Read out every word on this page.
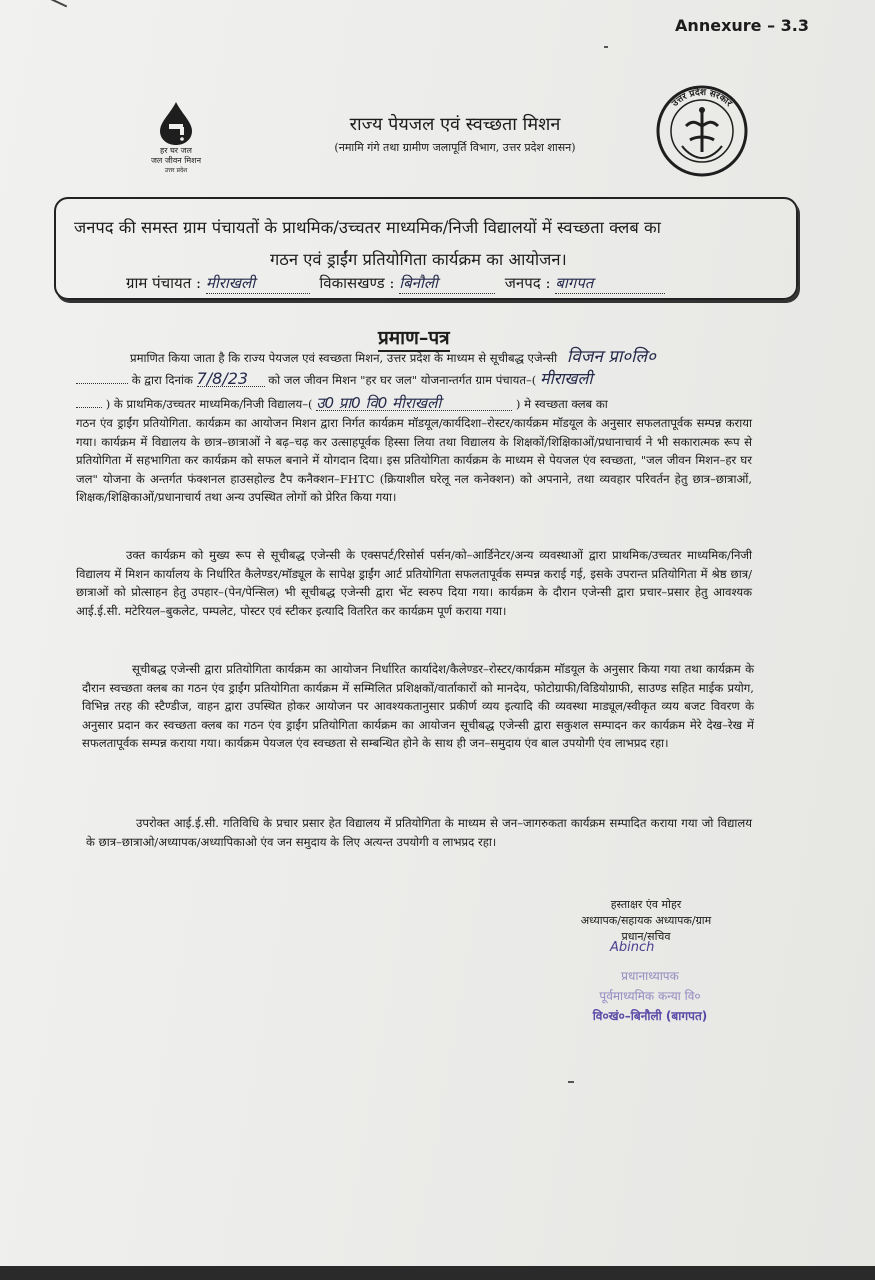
Annexure – 3.3
हर घर जल
जल जीवन मिशन
उत्तर प्रदेश
राज्य पेयजल एवं स्वच्छता मिशन
(नमामि गंगे तथा ग्रामीण जलापूर्ति विभाग, उत्तर प्रदेश शासन)
उत्तर प्रदेश सरकार
जनपद की समस्त ग्राम पंचायतों के प्राथमिक/उच्चतर माध्यमिक/निजी विद्यालयों में स्वच्छता क्लब का
गठन एवं ड्राईंग प्रतियोगिता कार्यक्रम का आयोजन।
ग्राम पंचायत : मीराखली	विकासखण्ड : बिनौली	जनपद : बागपत
प्रमाण–पत्र
प्रमाणित किया जाता है कि राज्य पेयजल एवं स्वच्छता मिशन, उत्तर प्रदेश के माध्यम से सूचीबद्ध एजेन्सी विजन प्रा०लि०
के द्वारा दिनांक 7/8/23 को जल जीवन मिशन "हर घर जल" योजनान्तर्गत ग्राम पंचायत–( मीराखली
) के प्राथमिक/उच्चतर माध्यमिक/निजी विद्यालय–( उ0 प्रा0 वि0 मीराखली	) मे स्वच्छता क्लब का
गठन एंव ड्राईंग प्रतियोगिता. कार्यक्रम का आयोजन मिशन द्वारा निर्गत कार्यक्रम मॉडयूल/कार्यदिशा–रोस्टर/कार्यक्रम मॉडयूल के अनुसार सफलतापूर्वक सम्पन्न कराया गया। कार्यक्रम में विद्यालय के छात्र–छात्राओं ने बढ़–चढ़ कर उत्साहपूर्वक हिस्सा लिया तथा विद्यालय के शिक्षकों/शिक्षिकाओं/प्रधानाचार्य ने भी सकारात्मक रूप से प्रतियोगिता में सहभागिता कर कार्यक्रम को सफल बनाने में योगदान दिया। इस प्रतियोगिता कार्यक्रम के माध्यम से पेयजल एंव स्वच्छता, "जल जीवन मिशन–हर घर जल" योजना के अन्तर्गत फंक्शनल हाउसहोल्ड टैप कनैक्शन–FHTC (क्रियाशील घरेलू नल कनेक्शन) को अपनाने, तथा व्यवहार परिवर्तन हेतु छात्र–छात्राओं, शिक्षक/शिक्षिकाओं/प्रधानाचार्य तथा अन्य उपस्थित लोगों को प्रेरित किया गया।
उक्त कार्यक्रम को मुख्य रूप से सूचीबद्ध एजेन्सी के एक्सपर्ट/रिसोर्स पर्सन/को–आर्डिनेटर/अन्य व्यवस्थाओं द्वारा प्राथमिक/उच्चतर माध्यमिक/निजी विद्यालय में मिशन कार्यालय के निर्धारित कैलेण्डर/मॉड्यूल के सापेक्ष ड्राईंग आर्ट प्रतियोगिता सफलतापूर्वक सम्पन्न कराई गई, इसके उपरान्त प्रतियोगिता में श्रेष्ठ छात्र/छात्राओं को प्रोत्साहन हेतु उपहार–(पेन/पेन्सिल) भी सूचीबद्ध एजेन्सी द्वारा भेंट स्वरुप दिया गया। कार्यक्रम के दौरान एजेन्सी द्वारा प्रचार–प्रसार हेतु आवश्यक आई.ई.सी. मटेरियल–बुकलेट, पम्पलेट, पोस्टर एवं स्टीकर इत्यादि वितरित कर कार्यक्रम पूर्ण कराया गया।
सूचीबद्ध एजेन्सी द्वारा प्रतियोगिता कार्यक्रम का आयोजन निर्धारित कार्यादेश/कैलेण्डर–रोस्टर/कार्यक्रम मॉडयूल के अनुसार किया गया तथा कार्यक्रम के दौरान स्वच्छता क्लब का गठन एंव ड्राईंग प्रतियोगिता कार्यक्रम में सम्मिलित प्रशिक्षकों/वार्ताकारों को मानदेय, फोटोग्राफी/विडियोग्राफी, साउण्ड सहित माईक प्रयोग, विभिन्न तरह की स्टैण्डीज, वाहन द्वारा उपस्थित होकर आयोजन पर आवश्यकतानुसार प्रकीर्ण व्यय इत्यादि की व्यवस्था माड्यूल/स्वीकृत व्यय बजट विवरण के अनुसार प्रदान कर स्वच्छता क्लब का गठन एंव ड्राईंग प्रतियोगिता कार्यक्रम का आयोजन सूचीबद्ध एजेन्सी द्वारा सकुशल सम्पादन कर कार्यक्रम मेरे देख–रेख में सफलतापूर्वक सम्पन्न कराया गया। कार्यक्रम पेयजल एंव स्वच्छता से सम्बन्धित होने के साथ ही जन–समुदाय एंव बाल उपयोगी एंव लाभप्रद रहा।
उपरोक्त आई.ई.सी. गतिविधि के प्रचार प्रसार हेत विद्यालय में प्रतियोगिता के माध्यम से जन–जागरुकता कार्यक्रम सम्पादित कराया गया जो विद्यालय के छात्र–छात्राओ/अध्यापक/अध्यापिकाओ एंव जन समुदाय के लिए अत्यन्त उपयोगी व लाभप्रद रहा।
हस्ताक्षर एंव मोहर
अध्यापक/सहायक अध्यापक/ग्राम
प्रधान/सचिव
Abinch
प्रधानाध्यापक
पूर्वमाध्यमिक कन्या वि०
वि०खं०–बिनौली (बागपत)
